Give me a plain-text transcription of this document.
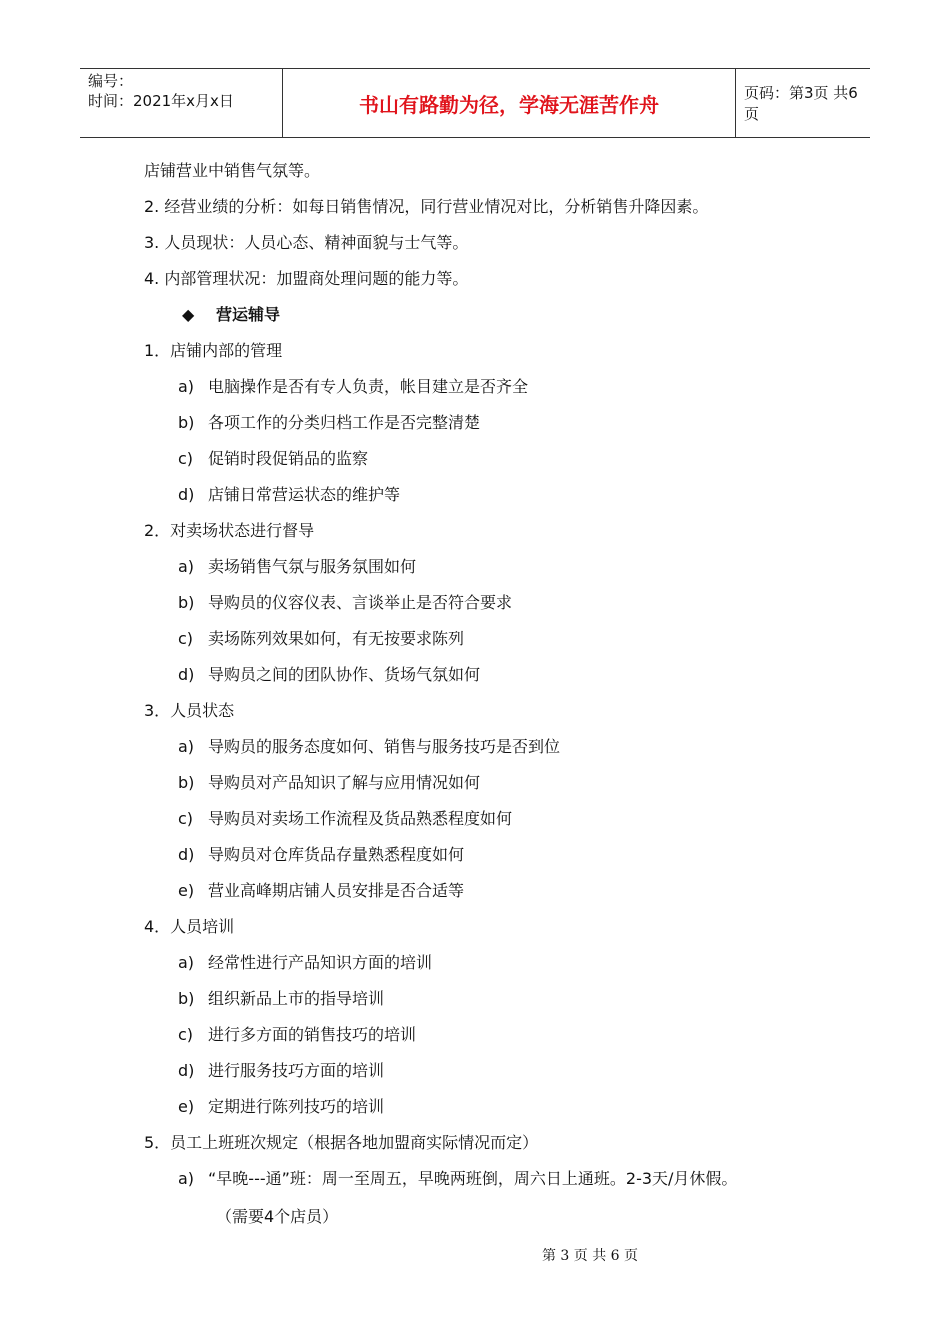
编号：
时间：2021年x月x日	书山有路勤为径，学海无涯苦作舟	页码：第3页 共6页
店铺营业中销售气氛等。
2. 经营业绩的分析：如每日销售情况，同行营业情况对比，分析销售升降因素。
3. 人员现状：人员心态、精神面貌与士气等。
4. 内部管理状况：加盟商处理问题的能力等。
◆ 营运辅导
1．店铺内部的管理
a) 电脑操作是否有专人负责，帐目建立是否齐全
b) 各项工作的分类归档工作是否完整清楚
c) 促销时段促销品的监察
d) 店铺日常营运状态的维护等
2．对卖场状态进行督导
a) 卖场销售气氛与服务氛围如何
b) 导购员的仪容仪表、言谈举止是否符合要求
c) 卖场陈列效果如何，有无按要求陈列
d) 导购员之间的团队协作、货场气氛如何
3．人员状态
a) 导购员的服务态度如何、销售与服务技巧是否到位
b) 导购员对产品知识了解与应用情况如何
c) 导购员对卖场工作流程及货品熟悉程度如何
d) 导购员对仓库货品存量熟悉程度如何
e) 营业高峰期店铺人员安排是否合适等
4．人员培训
a) 经常性进行产品知识方面的培训
b) 组织新品上市的指导培训
c) 进行多方面的销售技巧的培训
d) 进行服务技巧方面的培训
e) 定期进行陈列技巧的培训
5．员工上班班次规定（根据各地加盟商实际情况而定）
a) “早晚---通”班：周一至周五，早晚两班倒，周六日上通班。2-3天/月休假。
（需要4个店员）
第 3 页 共 6 页
